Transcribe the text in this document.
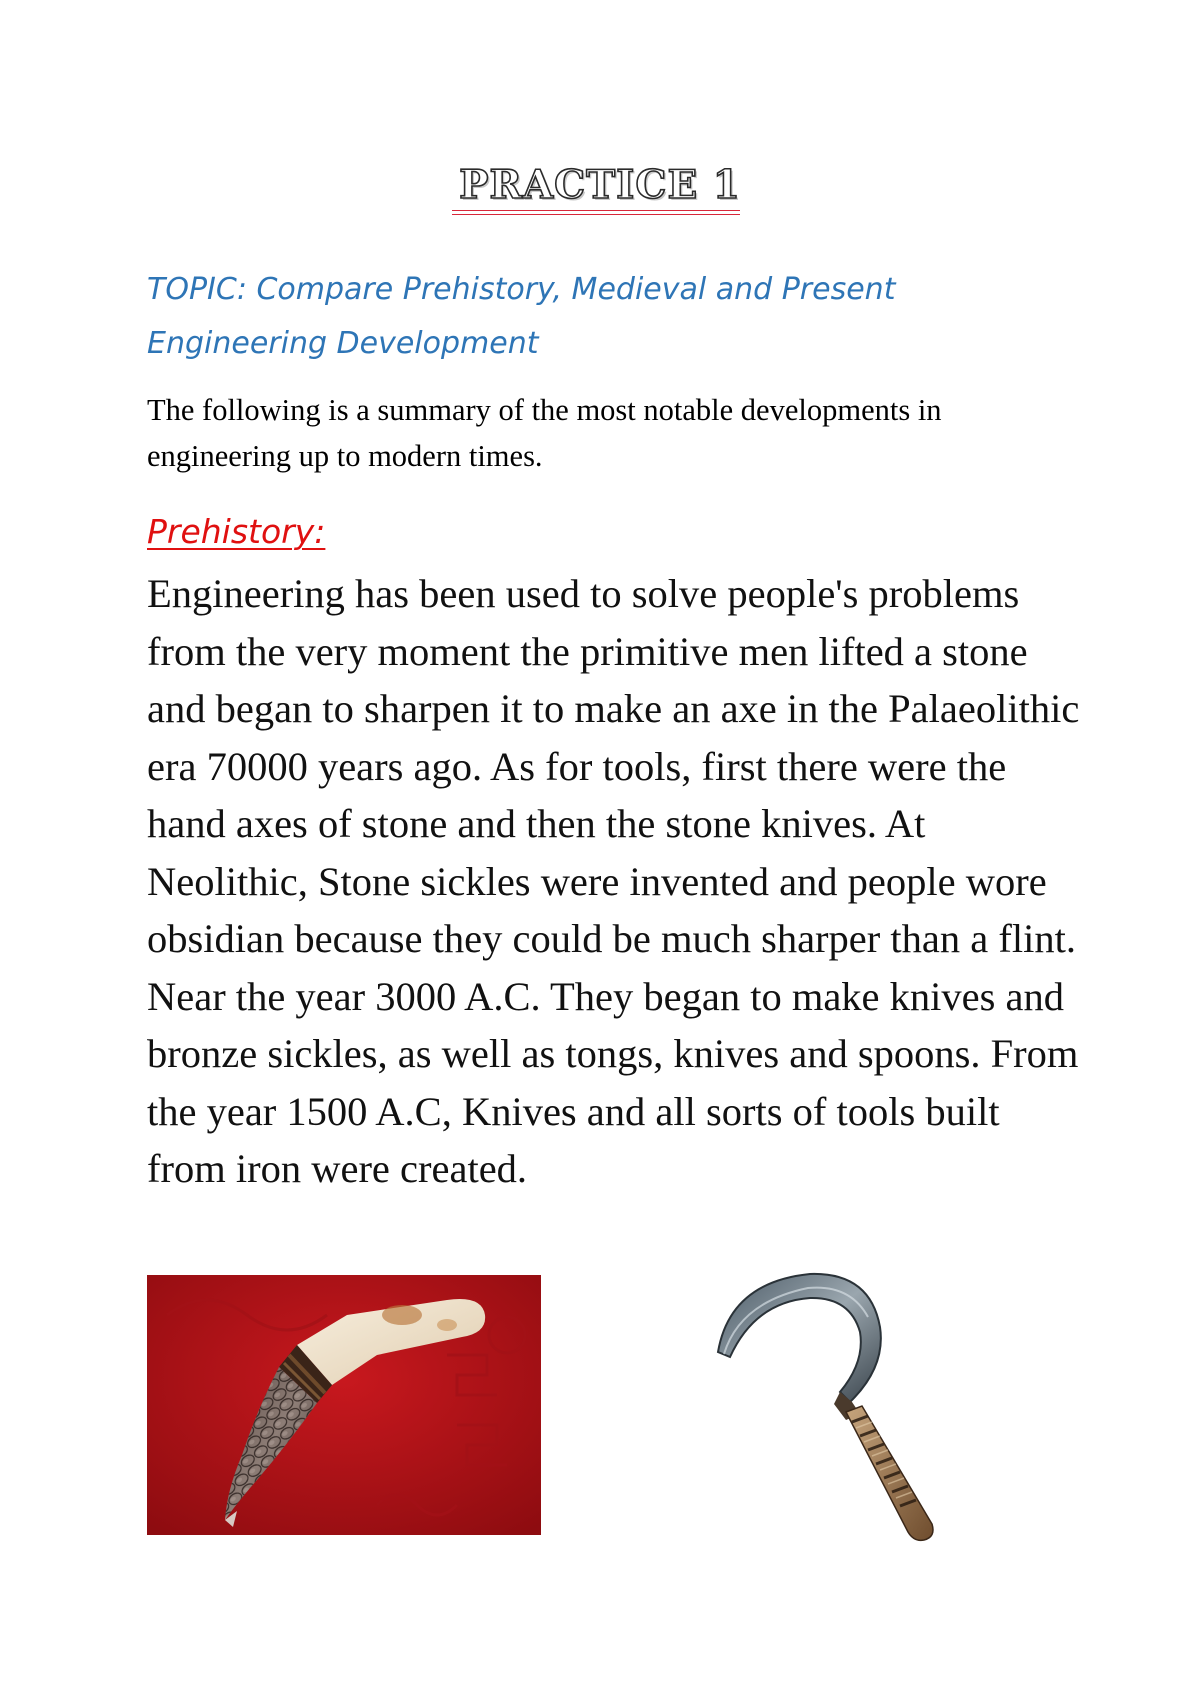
PRACTICE 1
TOPIC: Compare Prehistory, Medieval and Present Engineering Development
The following is a summary of the most notable developments in engineering up to modern times.
Prehistory:
Engineering has been used to solve people's problems from the very moment the primitive men lifted a stone and began to sharpen it to make an axe in the Palaeolithic era 70000 years ago. As for tools, first there were the hand axes of stone and then the stone knives. At Neolithic, Stone sickles were invented and people wore obsidian because they could be much sharper than a flint. Near the year 3000 A.C. They began to make knives and bronze sickles, as well as tongs, knives and spoons. From the year 1500 A.C, Knives and all sorts of tools built from iron were created.
